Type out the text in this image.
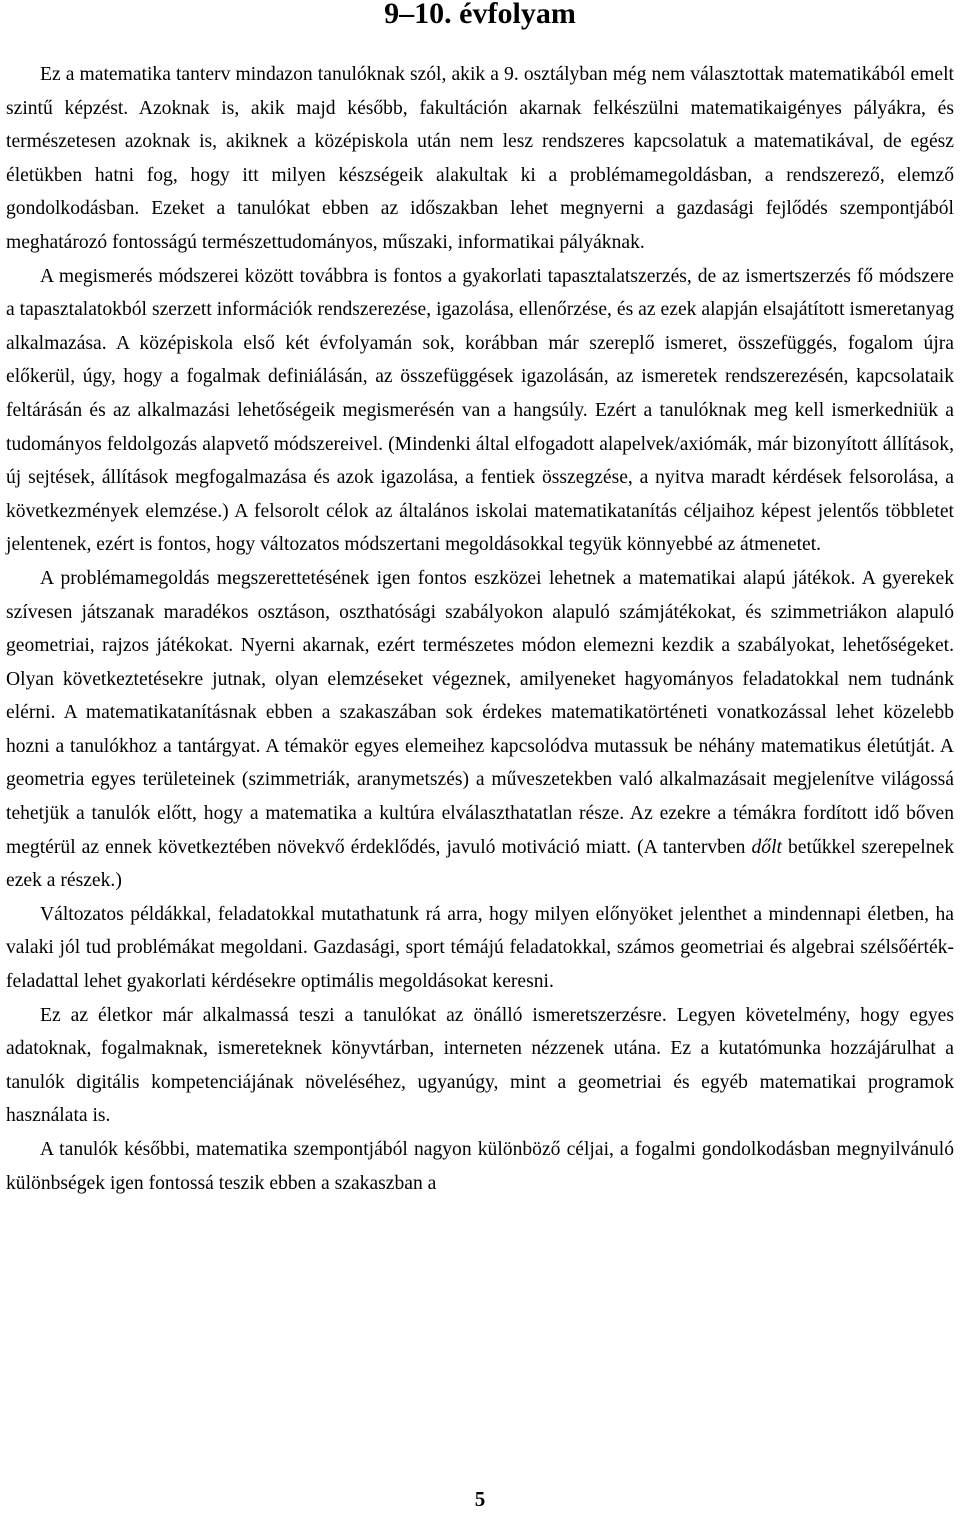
9–10. évfolyam

Ez a matematika tanterv mindazon tanulóknak szól, akik a 9. osztályban még nem választottak matematikából emelt szintű képzést. Azoknak is, akik majd később, fakultáción akarnak felkészülni matematikaigényes pályákra, és természetesen azoknak is, akiknek a középiskola után nem lesz rendszeres kapcsolatuk a matematikával, de egész életükben hatni fog, hogy itt milyen készségeik alakultak ki a problémamegoldásban, a rendszerező, elemző gondolkodásban. Ezeket a tanulókat ebben az időszakban lehet megnyerni a gazdasági fejlődés szempontjából meghatározó fontosságú természettudományos, műszaki, informatikai pályáknak.

A megismerés módszerei között továbbra is fontos a gyakorlati tapasztalatszerzés, de az ismertszerzés fő módszere a tapasztalatokból szerzett információk rendszerezése, igazolása, ellenőrzése, és az ezek alapján elsajátított ismeretanyag alkalmazása. A középiskola első két évfolyamán sok, korábban már szereplő ismeret, összefüggés, fogalom újra előkerül, úgy, hogy a fogalmak definiálásán, az összefüggések igazolásán, az ismeretek rendszerezésén, kapcsolataik feltárásán és az alkalmazási lehetőségeik megismerésén van a hangsúly. Ezért a tanulóknak meg kell ismerkedniük a tudományos feldolgozás alapvető módszereivel. (Mindenki által elfogadott alapelvek/axiómák, már bizonyított állítások, új sejtések, állítások megfogalmazása és azok igazolása, a fentiek összegzése, a nyitva maradt kérdések felsorolása, a következmények elemzése.) A felsorolt célok az általános iskolai matematikatanítás céljaihoz képest jelentős többletet jelentenek, ezért is fontos, hogy változatos módszertani megoldásokkal tegyük könnyebbé az átmenetet.

A problémamegoldás megszerettetésének igen fontos eszközei lehetnek a matematikai alapú játékok. A gyerekek szívesen játszanak maradékos osztáson, oszthatósági szabályokon alapuló számjátékokat, és szimmetriákon alapuló geometriai, rajzos játékokat. Nyerni akarnak, ezért természetes módon elemezni kezdik a szabályokat, lehetőségeket. Olyan következtetésekre jutnak, olyan elemzéseket végeznek, amilyeneket hagyományos feladatokkal nem tudnánk elérni. A matematikatanításnak ebben a szakaszában sok érdekes matematikatörténeti vonatkozással lehet közelebb hozni a tanulókhoz a tantárgyat. A témakör egyes elemeihez kapcsolódva mutassuk be néhány matematikus életútját. A geometria egyes területeinek (szimmetriák, aranymetszés) a műveszetekben való alkalmazásait megjelenítve világossá tehetjük a tanulók előtt, hogy a matematika a kultúra elválaszthatatlan része. Az ezekre a témákra fordított idő bőven megtérül az ennek következtében növekvő érdeklődés, javuló motiváció miatt. (A tantervben dőlt betűkkel szerepelnek ezek a részek.)

Változatos példákkal, feladatokkal mutathatunk rá arra, hogy milyen előnyöket jelenthet a mindennapi életben, ha valaki jól tud problémákat megoldani. Gazdasági, sport témájú feladatokkal, számos geometriai és algebrai szélsőérték-feladattal lehet gyakorlati kérdésekre optimális megoldásokat keresni.

Ez az életkor már alkalmassá teszi a tanulókat az önálló ismeretszerzésre. Legyen követelmény, hogy egyes adatoknak, fogalmaknak, ismereteknek könyvtárban, interneten nézzenek utána. Ez a kutatómunka hozzájárulhat a tanulók digitális kompetenciájának növeléséhez, ugyanúgy, mint a geometriai és egyéb matematikai programok használata is.

A tanulók későbbi, matematika szempontjából nagyon különböző céljai, a fogalmi gondolkodásban megnyilvánuló különbségek igen fontossá teszik ebben a szakaszban a

5
